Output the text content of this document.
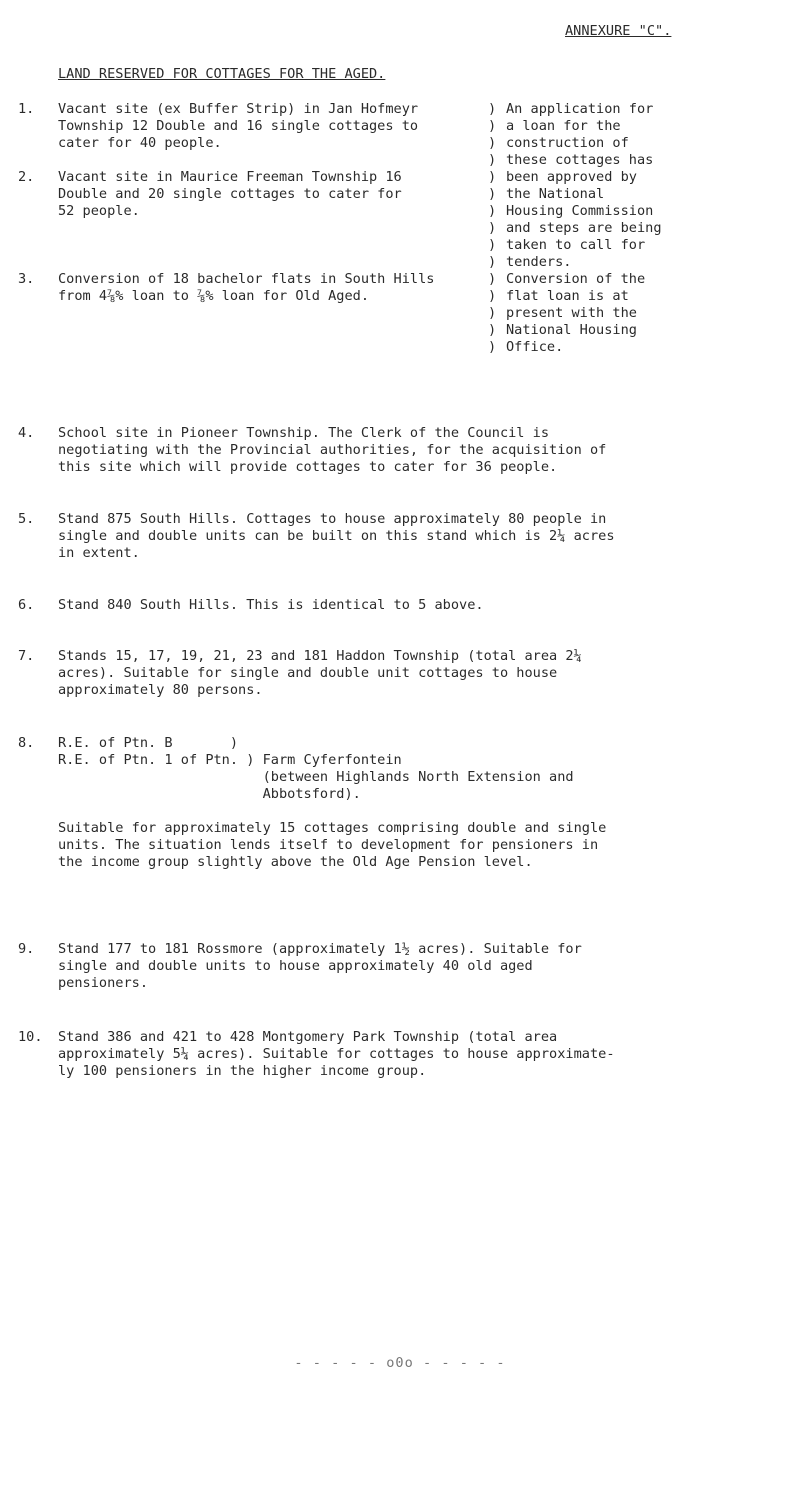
ANNEXURE "C".
LAND RESERVED FOR COTTAGES FOR THE AGED.
1. Vacant site (ex Buffer Strip) in Jan Hofmeyr
Township 12 Double and 16 single cottages to
cater for 40 people.
2. Vacant site in Maurice Freeman Township 16
Double and 20 single cottages to cater for
52 people.
3. Conversion of 18 bachelor flats in South Hills
from 4⅞% loan to ⅞% loan for Old Aged.
) An application for
) a loan for the
) construction of
) these cottages has
) been approved by
) the National
) Housing Commission
) and steps are being
) taken to call for
) tenders.
) Conversion of the
) flat loan is at
) present with the
) National Housing
) Office.
4. School site in Pioneer Township. The Clerk of the Council is
negotiating with the Provincial authorities, for the acquisition of
this site which will provide cottages to cater for 36 people.
5. Stand 875 South Hills. Cottages to house approximately 80 people in
single and double units can be built on this stand which is 2¼ acres
in extent.
6. Stand 840 South Hills. This is identical to 5 above.
7. Stands 15, 17, 19, 21, 23 and 181 Haddon Township (total area 2¼
acres). Suitable for single and double unit cottages to house
approximately 80 persons.
8. R.E. of Ptn. B       )
R.E. of Ptn. 1 of Ptn. ) Farm Cyferfontein
(between Highlands North Extension and
Abbotsford).

Suitable for approximately 15 cottages comprising double and single
units. The situation lends itself to development for pensioners in
the income group slightly above the Old Age Pension level.
9. Stand 177 to 181 Rossmore (approximately 1½ acres). Suitable for
single and double units to house approximately 40 old aged
pensioners.
10. Stand 386 and 421 to 428 Montgomery Park Township (total area
approximately 5¼ acres). Suitable for cottages to house approximate-
ly 100 pensioners in the higher income group.
- - - - - o0o - - - - -
